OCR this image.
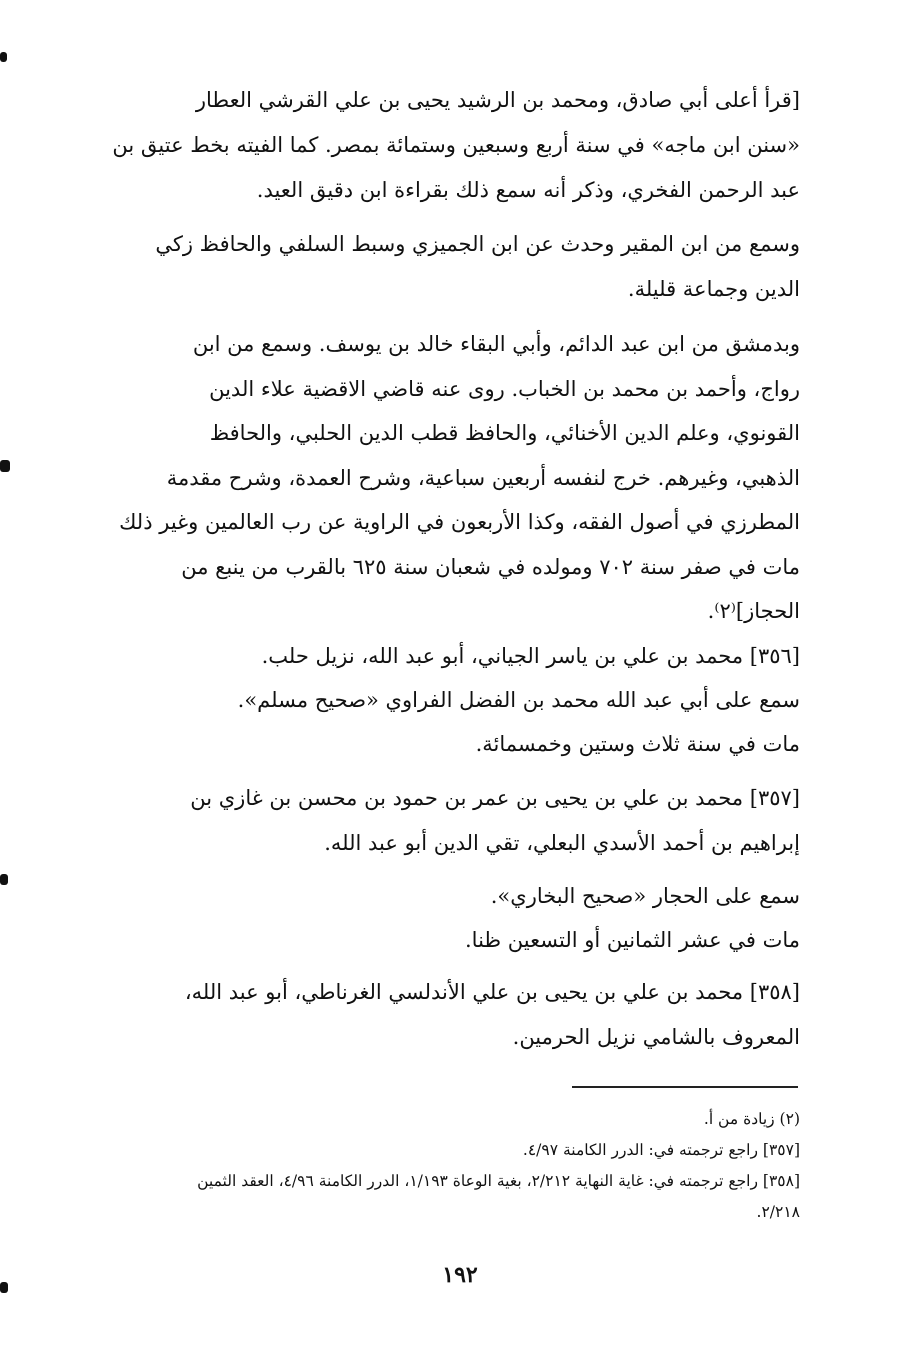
[قرأ أعلى أبي صادق، ومحمد بن الرشيد يحيى بن علي القرشي العطار
«سنن ابن ماجه» في سنة أربع وسبعين وستمائة بمصر. كما الفيته بخط عتيق بن
عبد الرحمن الفخري، وذكر أنه سمع ذلك بقراءة ابن دقيق العيد.
وسمع من ابن المقير وحدث عن ابن الجميزي وسبط السلفي والحافظ زكي
الدين وجماعة قليلة.
وبدمشق من ابن عبد الدائم، وأبي البقاء خالد بن يوسف. وسمع من ابن
رواج، وأحمد بن محمد بن الخباب. روى عنه قاضي الاقضية علاء الدين
القونوي، وعلم الدين الأخنائي، والحافظ قطب الدين الحلبي، والحافظ
الذهبي، وغيرهم. خرج لنفسه أربعين سباعية، وشرح العمدة، وشرح مقدمة
المطرزي في أصول الفقه، وكذا الأربعون في الراوية عن رب العالمين وغير ذلك
مات في صفر سنة ٧٠٢ ومولده في شعبان سنة ٦٢٥ بالقرب من ينبع من
الحجاز]⁽٢⁾.
[٣٥٦] محمد بن علي بن ياسر الجياني، أبو عبد الله، نزيل حلب.
سمع على أبي عبد الله محمد بن الفضل الفراوي «صحيح مسلم».
مات في سنة ثلاث وستين وخمسمائة.
[٣٥٧] محمد بن علي بن يحيى بن عمر بن حمود بن محسن بن غازي بن
إبراهيم بن أحمد الأسدي البعلي، تقي الدين أبو عبد الله.
سمع على الحجار «صحيح البخاري».
مات في عشر الثمانين أو التسعين ظنا.
[٣٥٨] محمد بن علي بن يحيى بن علي الأندلسي الغرناطي، أبو عبد الله،
المعروف بالشامي نزيل الحرمين.
(٢) زيادة من أ.
[٣٥٧] راجع ترجمته في: الدرر الكامنة ٤/٩٧.
[٣٥٨] راجع ترجمته في: غاية النهاية ٢/٢١٢، بغية الوعاة ١/١٩٣، الدرر الكامنة ٤/٩٦، العقد الثمين
٢/٢١٨.
١٩٢
